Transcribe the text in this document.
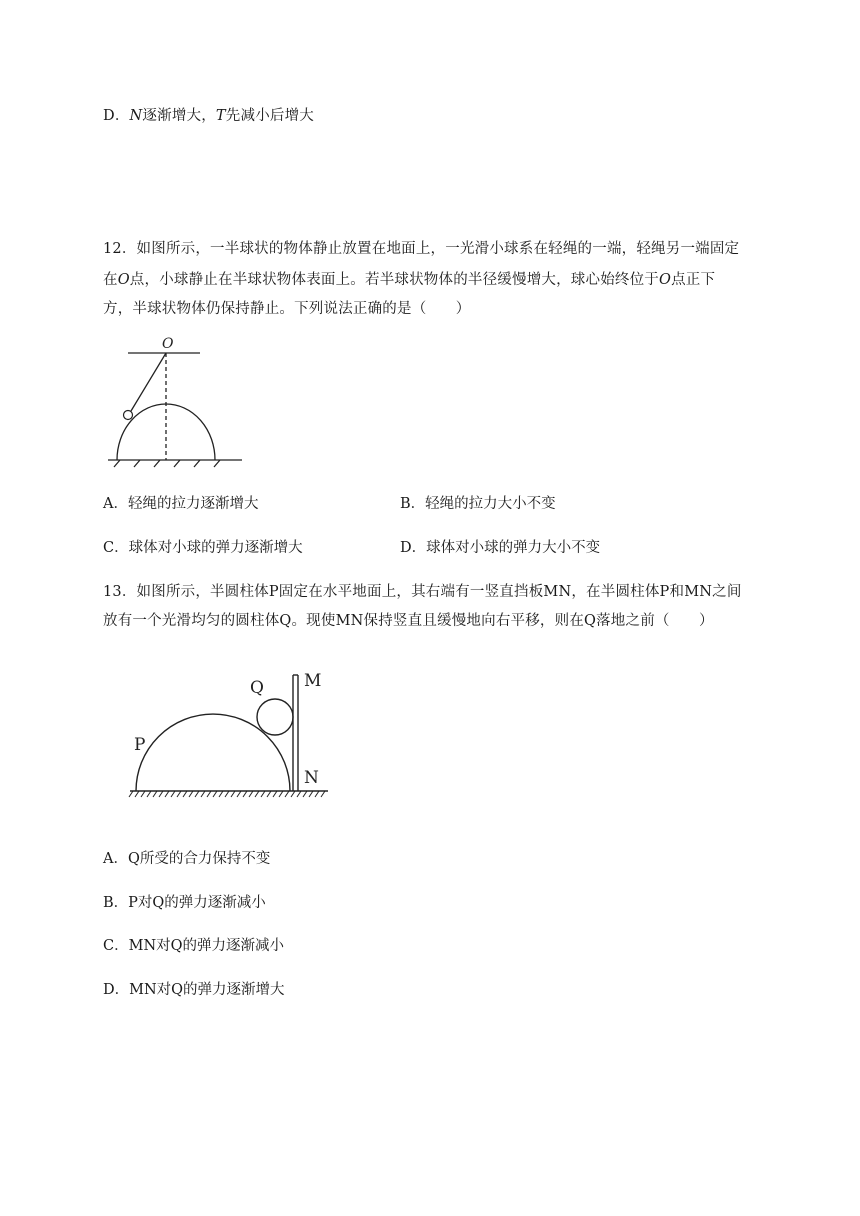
D．N逐渐增大，T先减小后增大
12．如图所示，一半球状的物体静止放置在地面上，一光滑小球系在轻绳的一端，轻绳另一端固定
在O点，小球静止在半球状物体表面上。若半球状物体的半径缓慢增大，球心始终位于O点正下
方，半球状物体仍保持静止。下列说法正确的是（　　）
O
A．轻绳的拉力逐渐增大	B．轻绳的拉力大小不变
C．球体对小球的弹力逐渐增大	D．球体对小球的弹力大小不变
13．如图所示，半圆柱体P固定在水平地面上，其右端有一竖直挡板MN，在半圆柱体P和MN之间
放有一个光滑均匀的圆柱体Q。现使MN保持竖直且缓慢地向右平移，则在Q落地之前（　　）
Q M
P
N
A．Q所受的合力保持不变
B．P对Q的弹力逐渐减小
C．MN对Q的弹力逐渐减小
D．MN对Q的弹力逐渐增大
